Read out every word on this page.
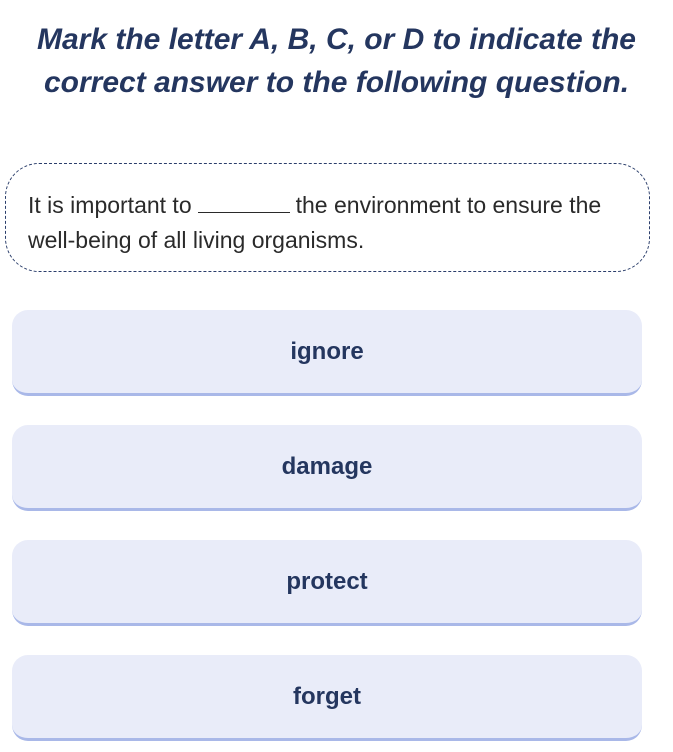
Mark the letter A, B, C, or D to indicate the correct answer to the following question.

It is important to	the environment to ensure the well-being of all living organisms.

ignore
damage
protect
forget
